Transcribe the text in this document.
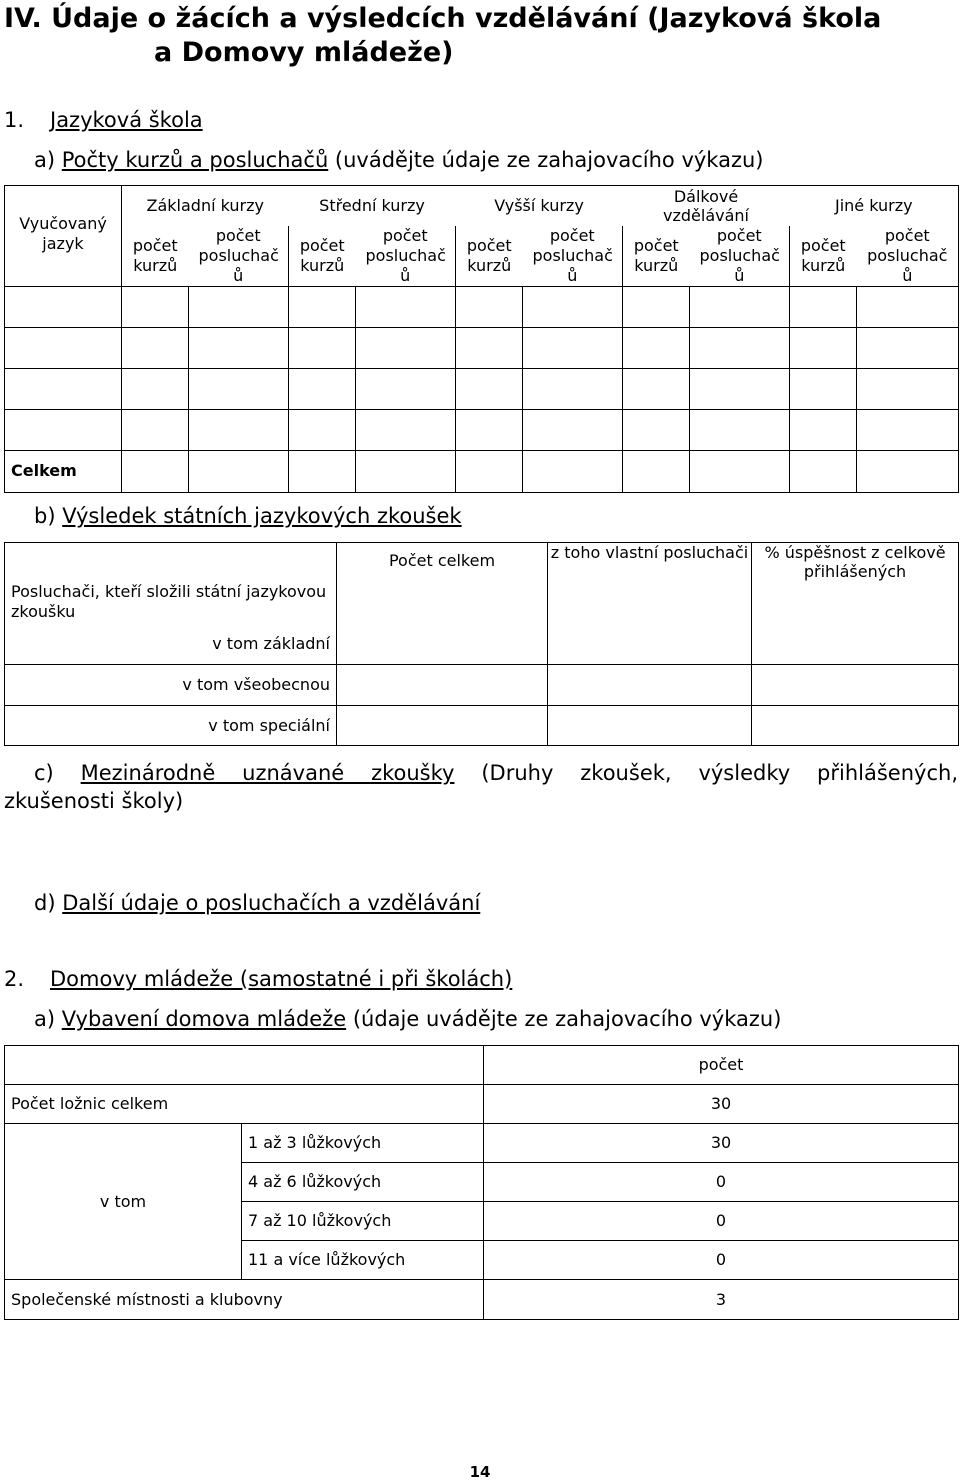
IV. Údaje o žácích a výsledcích vzdělávání (Jazyková škola
a Domovy mládeže)
1. Jazyková škola
a) Počty kurzů a posluchačů (uvádějte údaje ze zahajovacího výkazu)
Vyučovaný jazyk	Základní kurzy		Střední kurzy		Vyšší kurzy		Dálkové vzdělávání		Jiné kurzy	
	počet kurzů	počet posluchač ů	počet kurzů	počet posluchač ů	počet kurzů	počet posluchač ů	počet kurzů	počet posluchač ů	počet kurzů	počet posluchač ů

Celkem										
b) Výsledek státních jazykových zkoušek
Posluchači, kteří složili státní jazykovou zkoušku	Počet celkem	z toho vlastní posluchači	% úspěšnost z celkově přihlášených
v tom základní			
v tom všeobecnou			
v tom speciální			
c) Mezinárodně uznávané zkoušky (Druhy zkoušek, výsledky přihlášených,
zkušenosti školy)
d) Další údaje o posluchačích a vzdělávání
2. Domovy mládeže (samostatné i při školách)
a) Vybavení domova mládeže (údaje uvádějte ze zahajovacího výkazu)
		počet
Počet ložnic celkem		30
v tom	1 až 3 lůžkových	30
	4 až 6 lůžkových	0
	7 až 10 lůžkových	0
	11 a více lůžkových	0
Společenské místnosti a klubovny		3
14
